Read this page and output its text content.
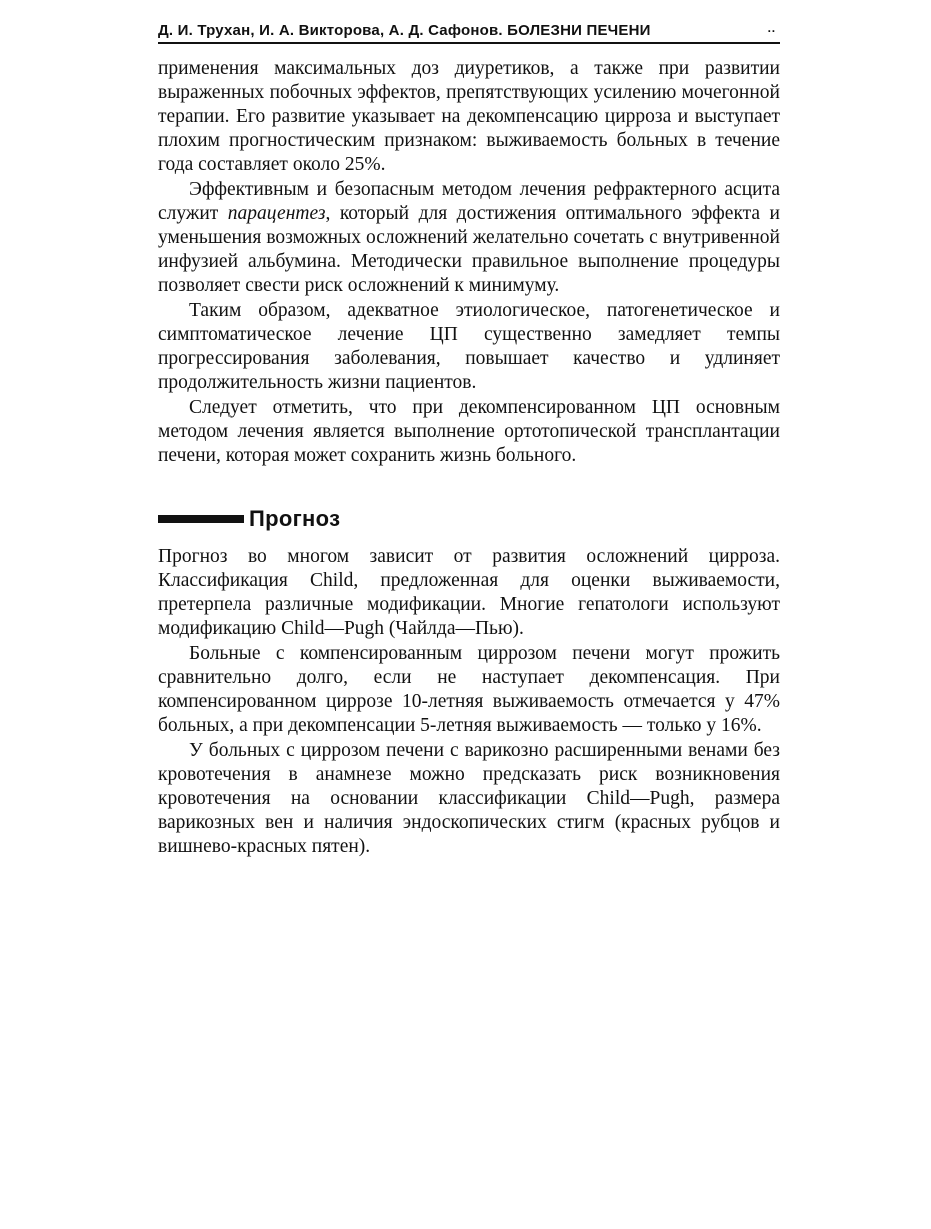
Д. И. Трухан, И. А. Викторова, А. Д. Сафонов. БОЛЕЗНИ ПЕЧЕНИ	··

применения максимальных доз диуретиков, а также при развитии выраженных побочных эффектов, препятствующих усилению мочегонной терапии. Его развитие указывает на декомпенсацию цирроза и выступает плохим прогностическим признаком: выживаемость больных в течение года составляет около 25%.

Эффективным и безопасным методом лечения рефрактерного асцита служит парацентез, который для достижения оптимального эффекта и уменьшения возможных осложнений желательно сочетать с внутривенной инфузией альбумина. Методически правильное выполнение процедуры позволяет свести риск осложнений к минимуму.

Таким образом, адекватное этиологическое, патогенетическое и симптоматическое лечение ЦП существенно замедляет темпы прогрессирования заболевания, повышает качество и удлиняет продолжительность жизни пациентов.

Следует отметить, что при декомпенсированном ЦП основным методом лечения является выполнение ортотопической трансплантации печени, которая может сохранить жизнь больного.

Прогноз

Прогноз во многом зависит от развития осложнений цирроза. Классификация Child, предложенная для оценки выживаемости, претерпела различные модификации. Многие гепатологи используют модификацию Child—Pugh (Чайлда—Пью).

Больные с компенсированным циррозом печени могут прожить сравнительно долго, если не наступает декомпенсация. При компенсированном циррозе 10-летняя выживаемость отмечается у 47% больных, а при декомпенсации 5-летняя выживаемость — только у 16%.

У больных с циррозом печени с варикозно расширенными венами без кровотечения в анамнезе можно предсказать риск возникновения кровотечения на основании классификации Child—Pugh, размера варикозных вен и наличия эндоскопических стигм (красных рубцов и вишнево-красных пятен).
